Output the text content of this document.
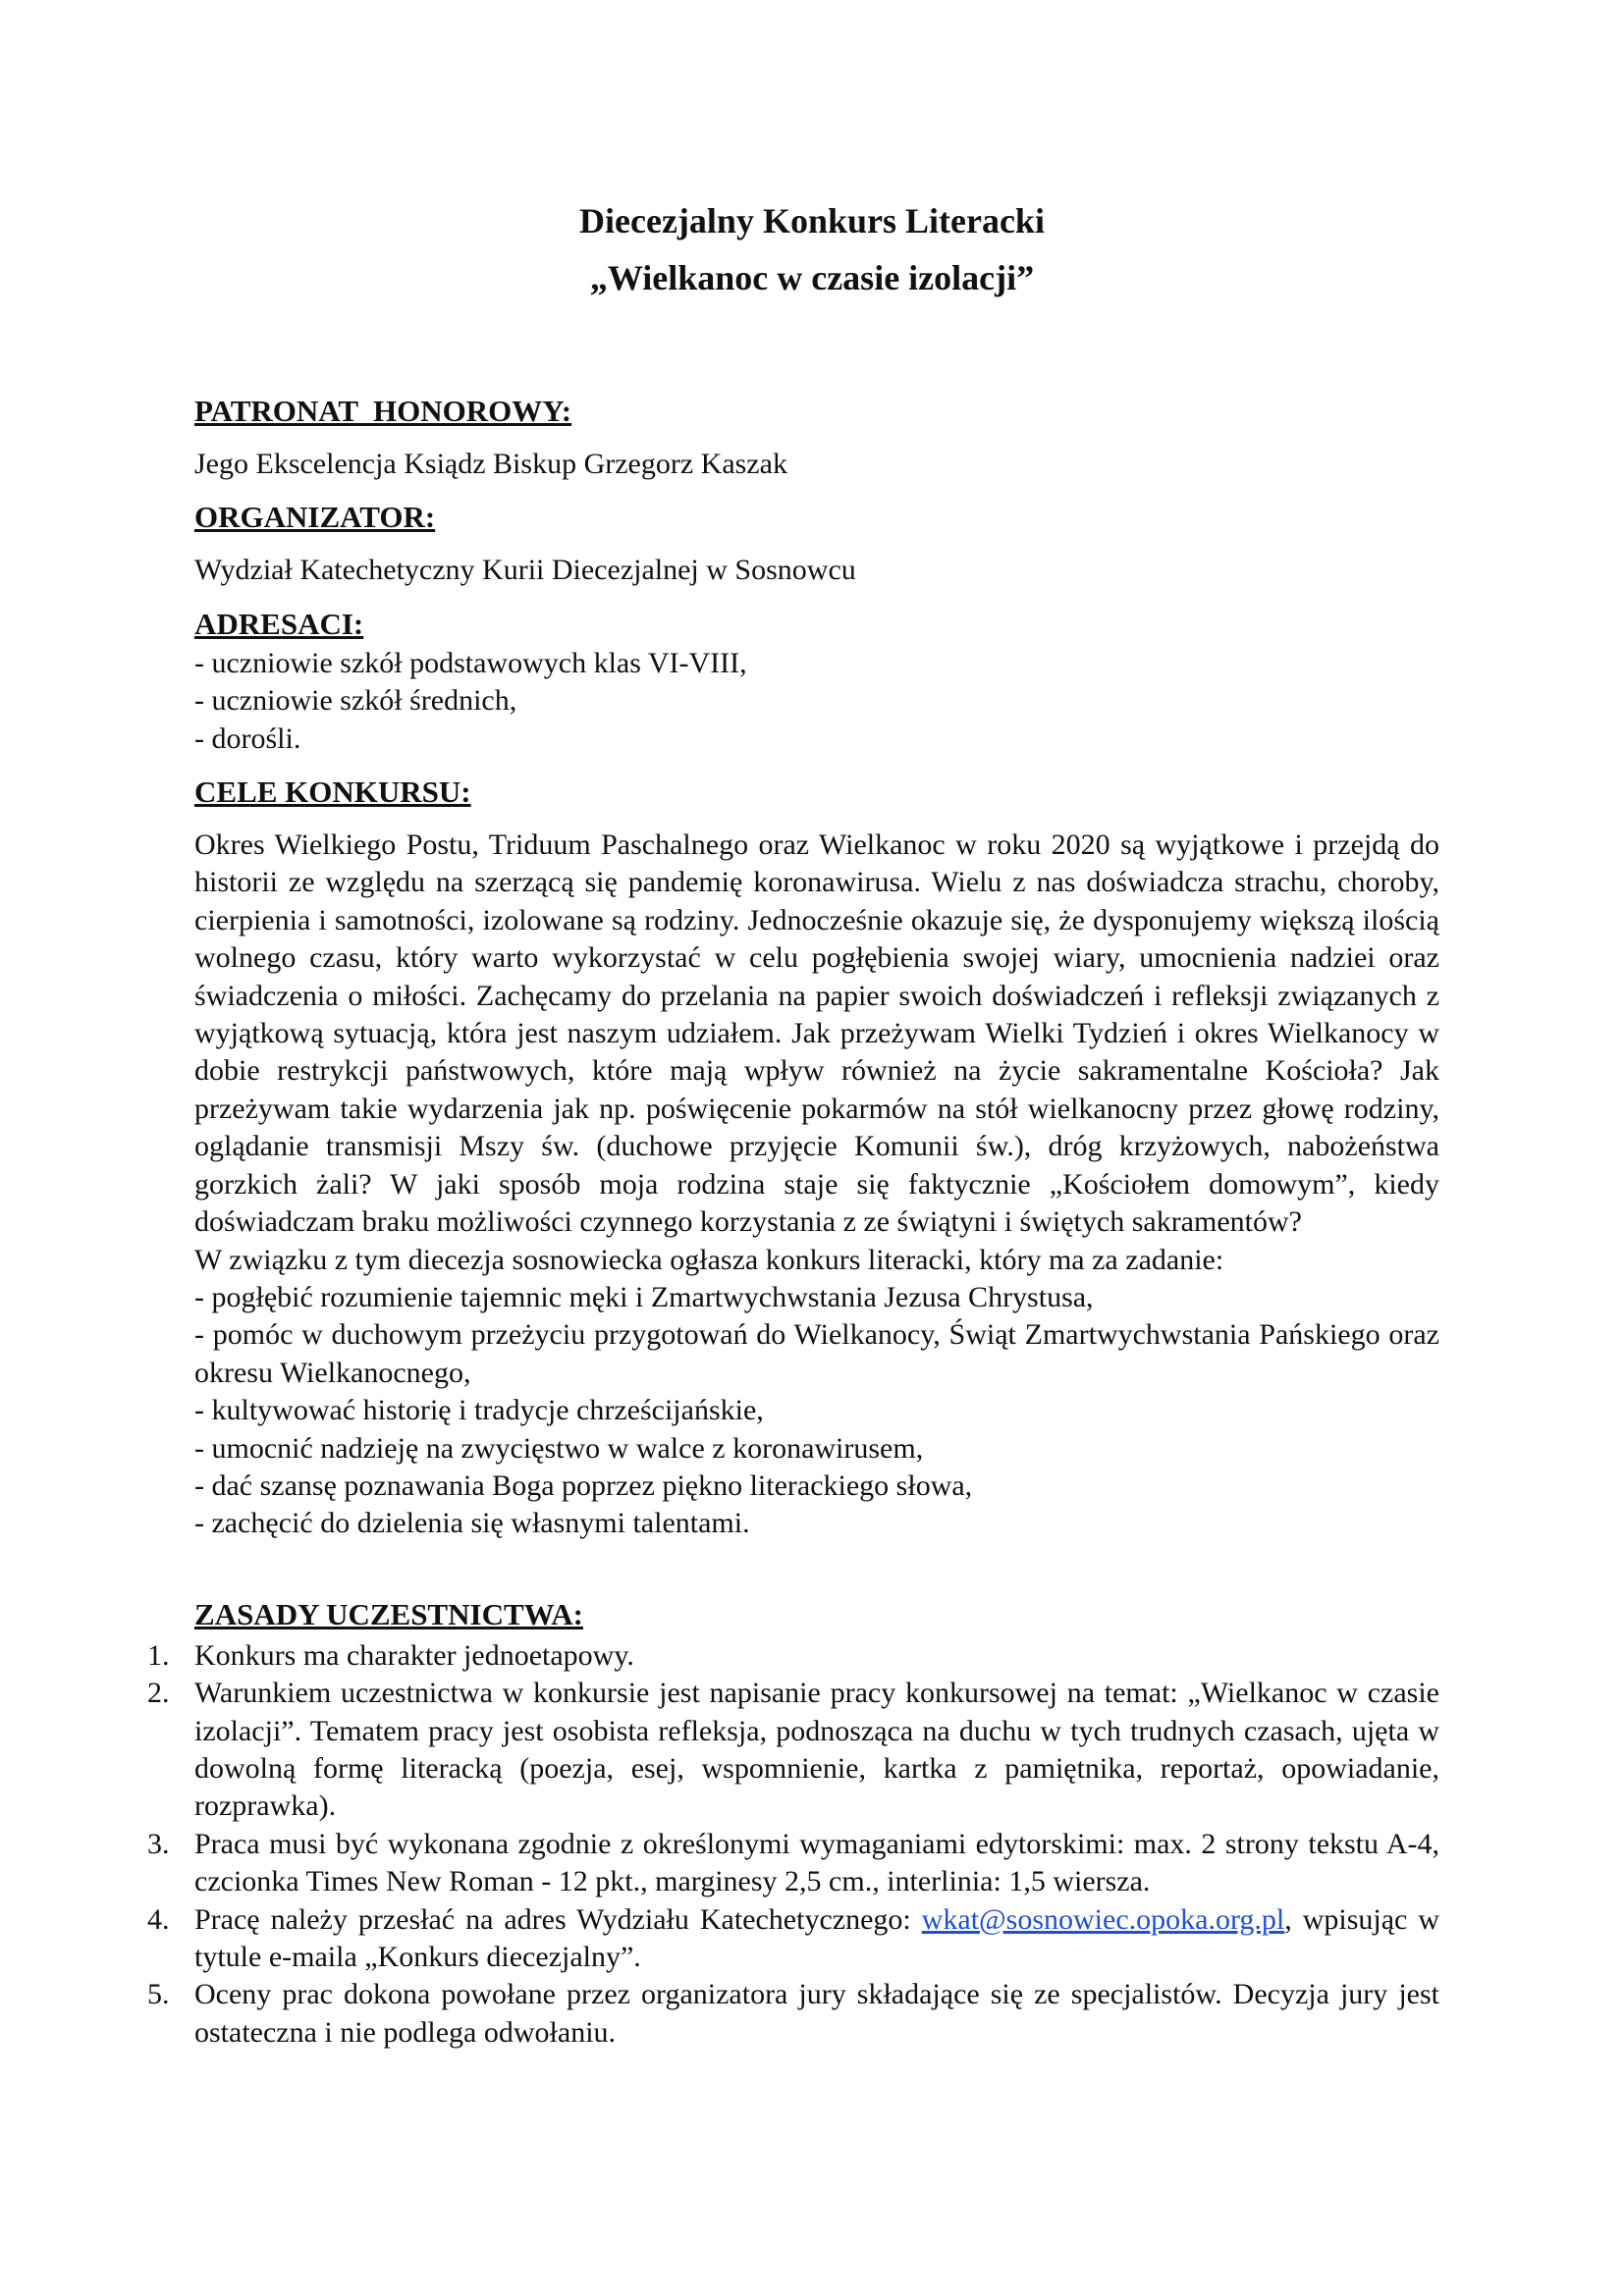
Diecezjalny Konkurs Literacki
„Wielkanoc w czasie izolacji”
PATRONAT  HONOROWY:

Jego Ekscelencja Ksiądz Biskup Grzegorz Kaszak

ORGANIZATOR:

Wydział Katechetyczny Kurii Diecezjalnej w Sosnowcu

ADRESACI:
- uczniowie szkół podstawowych klas VI-VIII,
- uczniowie szkół średnich,
- dorośli.
CELE KONKURSU:

Okres Wielkiego Postu, Triduum Paschalnego oraz Wielkanoc w roku 2020 są wyjątkowe i przejdą do historii ze względu na szerzącą się pandemię koronawirusa. Wielu z nas doświadcza strachu, choroby, cierpienia i samotności, izolowane są rodziny. Jednocześnie okazuje się, że dysponujemy większą ilością wolnego czasu, który warto wykorzystać w celu pogłębienia swojej wiary, umocnienia nadziei oraz świadczenia o miłości. Zachęcamy do przelania na papier swoich doświadczeń i refleksji związanych z wyjątkową sytuacją, która jest naszym udziałem. Jak przeżywam Wielki Tydzień i okres Wielkanocy w dobie restrykcji państwowych, które mają wpływ również na życie sakramentalne Kościoła? Jak przeżywam takie wydarzenia jak np. poświęcenie pokarmów na stół wielkanocny przez głowę rodziny, oglądanie transmisji Mszy św. (duchowe przyjęcie Komunii św.), dróg krzyżowych, nabożeństwa gorzkich żali? W jaki sposób moja rodzina staje się faktycznie „Kościołem domowym”, kiedy doświadczam braku możliwości czynnego korzystania z ze świątyni i świętych sakramentów?

W związku z tym diecezja sosnowiecka ogłasza konkurs literacki, który ma za zadanie:

- pogłębić rozumienie tajemnic męki i Zmartwychwstania Jezusa Chrystusa,
- pomóc w duchowym przeżyciu przygotowań do Wielkanocy, Świąt Zmartwychwstania Pańskiego oraz okresu Wielkanocnego,
- kultywować historię i tradycje chrześcijańskie,
- umocnić nadzieję na zwycięstwo w walce z koronawirusem,
- dać szansę poznawania Boga poprzez piękno literackiego słowa,
- zachęcić do dzielenia się własnymi talentami.
ZASADY UCZESTNICTWA:
1. Konkurs ma charakter jednoetapowy.
2. Warunkiem uczestnictwa w konkursie jest napisanie pracy konkursowej na temat: „Wielkanoc w czasie izolacji”. Tematem pracy jest osobista refleksja, podnosząca na duchu w tych trudnych czasach, ujęta w dowolną formę literacką (poezja, esej, wspomnienie, kartka z pamiętnika, reportaż, opowiadanie, rozprawka).
3. Praca musi być wykonana zgodnie z określonymi wymaganiami edytorskimi: max. 2 strony tekstu A-4, czcionka Times New Roman - 12 pkt., marginesy 2,5 cm., interlinia: 1,5 wiersza.
4. Pracę należy przesłać na adres Wydziału Katechetycznego: wkat@sosnowiec.opoka.org.pl, wpisując w tytule e-maila „Konkurs diecezjalny”.
5. Oceny prac dokona powołane przez organizatora jury składające się ze specjalistów. Decyzja jury jest ostateczna i nie podlega odwołaniu.
